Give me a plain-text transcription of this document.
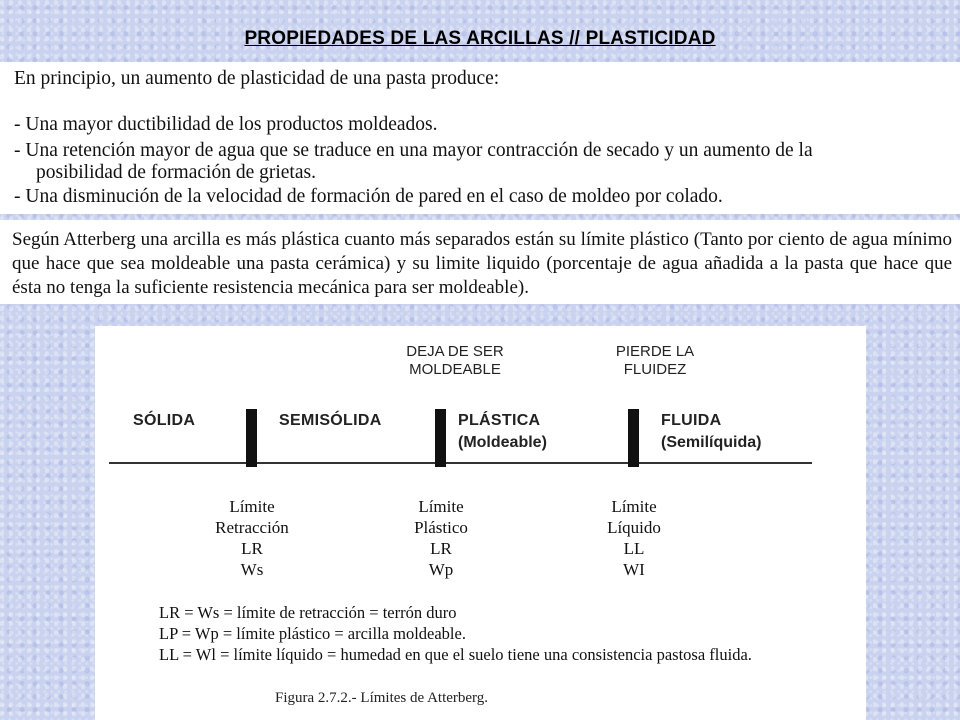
PROPIEDADES DE LAS ARCILLAS // PLASTICIDAD

En principio, un aumento de plasticidad de una pasta produce:

- Una mayor ductibilidad de los productos moldeados.

- Una retención mayor de agua que se traduce en una mayor contracción de secado y un aumento de la

posibilidad de formación de grietas.

- Una disminución de la velocidad de formación de pared en el caso de moldeo por colado.

Según Atterberg una arcilla es más plástica cuanto más separados están su límite plástico (Tanto por ciento de agua mínimo que hace que sea moldeable una pasta cerámica) y su limite liquido (porcentaje de agua añadida a la pasta que hace que ésta no tenga la suficiente resistencia mecánica para ser moldeable).
DEJA DE SER
MOLDEABLE
PIERDE LA
FLUIDEZ
SÓLIDA	SEMISÓLIDA	PLÁSTICA
(Moldeable)
FLUIDA
(Semilíquida)
Límite
Retracción
LR
Ws
Límite
Plástico
LR
Wp
Límite
Líquido
LL
WI
LR = Ws = límite de retracción = terrón duro
LP = Wp = límite plástico = arcilla moldeable.
LL = Wl = límite líquido = humedad en que el suelo tiene una consistencia pastosa fluida.
Figura 2.7.2.- Límites de Atterberg.
